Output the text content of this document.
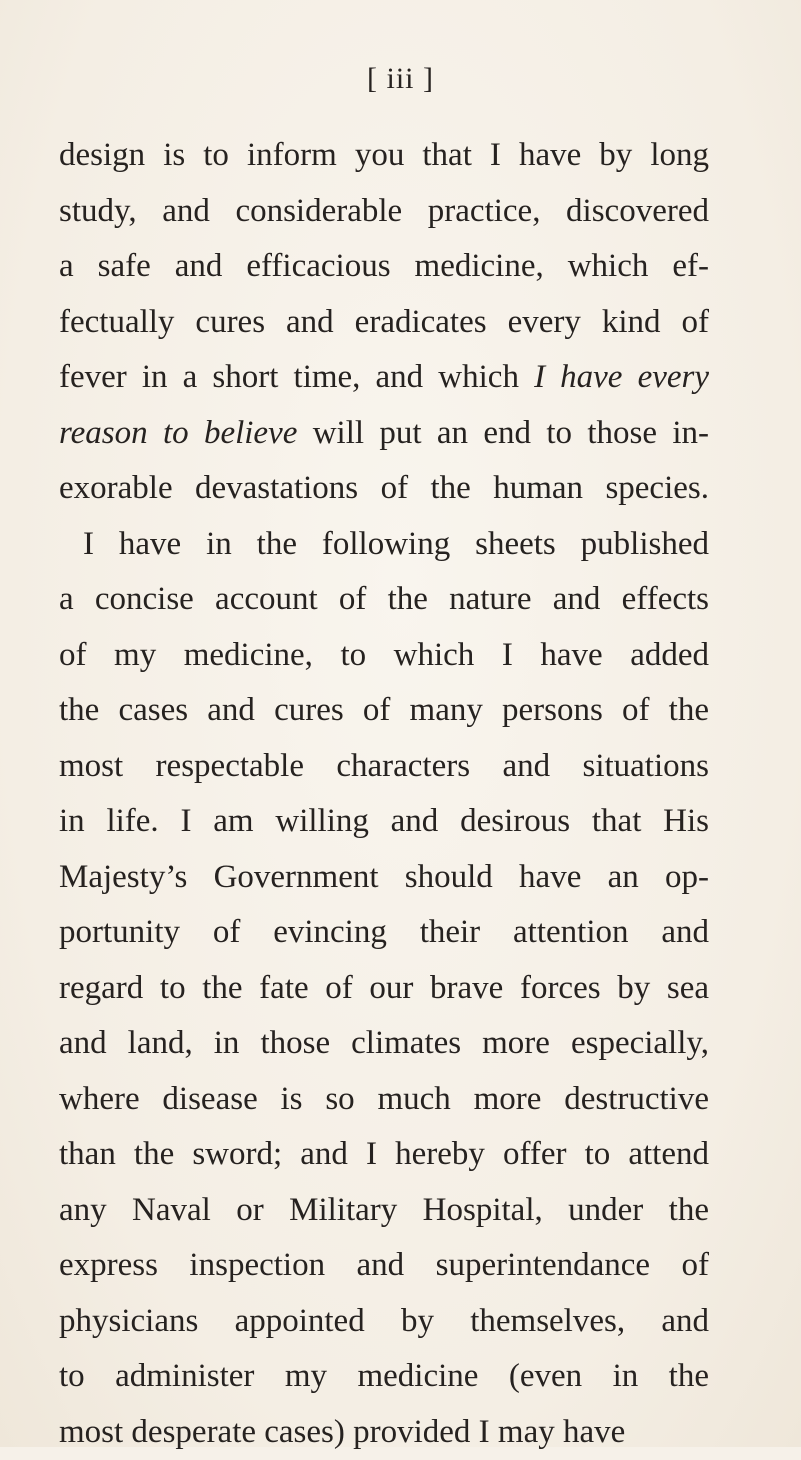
[ iii ]
design is to inform you that I have by long
study, and considerable practice, discovered
a safe and efficacious medicine, which ef-
fectually cures and eradicates every kind of
fever in a short time, and which I have every
reason to believe will put an end to those in-
exorable devastations of the human species.
I have in the following sheets published
a concise account of the nature and effects
of my medicine, to which I have added
the cases and cures of many persons of the
most respectable characters and situations
in life. I am willing and desirous that His
Majesty’s Government should have an op-
portunity of evincing their attention and
regard to the fate of our brave forces by sea
and land, in those climates more especially,
where disease is so much more destructive
than the sword; and I hereby offer to attend
any Naval or Military Hospital, under the
express inspection and superintendance of
physicians appointed by themselves, and
to administer my medicine (even in the
most desperate cases) provided I may have
